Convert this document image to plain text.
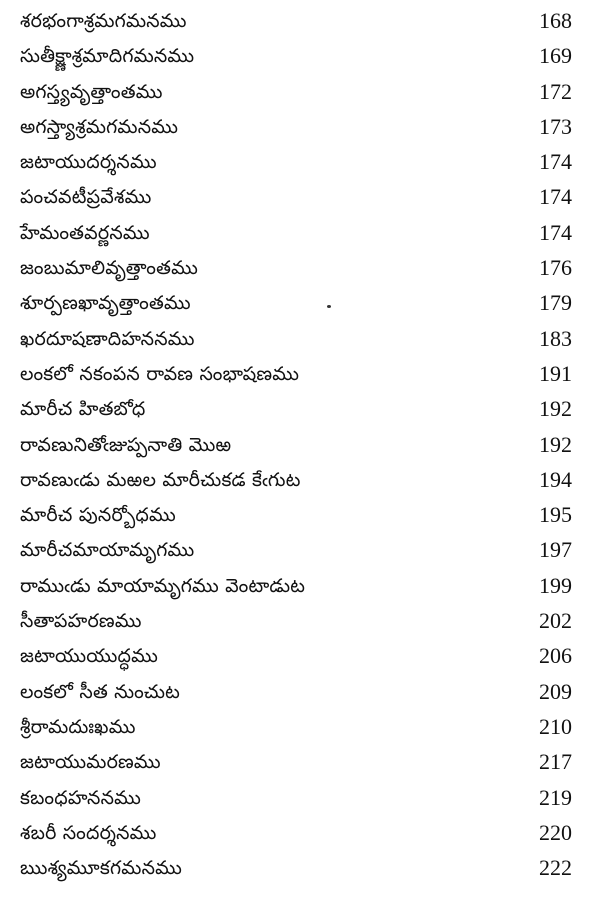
శరభంగాశ్రమగమనము	168
సుతీక్ష్ణాశ్రమాదిగమనము	169
అగస్త్యవృత్తాంతము	172
అగస్త్యాశ్రమగమనము	173
జటాయుదర్శనము	174
పంచవటీప్రవేశము	174
హేమంతవర్ణనము	174
జంబుమాలివృత్తాంతము	176
శూర్పణఖావృత్తాంతము	179
ఖరదూషణాదిహననము	183
లంకలో నకంపన రావణ సంభాషణము	191
మారీచ హితబోధ	192
రావణునితోఁజుప్పనాతి మొఱ	192
రావణుఁడు మఱల మారీచుకడ కేఁగుట	194
మారీచ పునర్బోధము	195
మారీచమాయామృగము	197
రాముఁడు మాయామృగము వెంటాడుట	199
సీతాపహరణము	202
జటాయుయుద్ధము	206
లంకలో సీత నుంచుట	209
శ్రీరామదుఃఖము	210
జటాయుమరణము	217
కబంధహననము	219
శబరీ సందర్శనము	220
ఋశ్యమూకగమనము	222
